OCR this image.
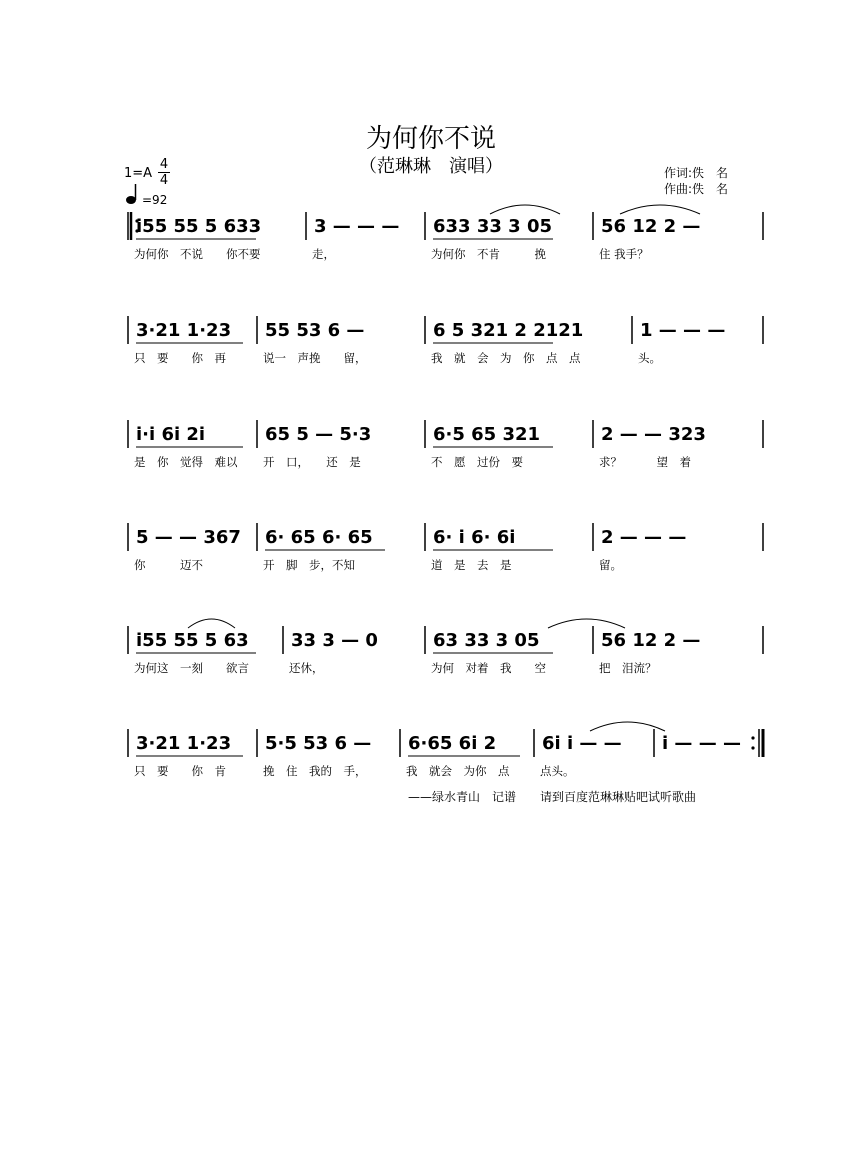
为何你不说
（范琳琳　演唱）
1=A
4
4
=92
作词:佚　名
作曲:佚　名
i55 55 5 633
为何你　不说　　你不要
3 — — —
走，
633 33 3 05
为何你　不肯　　　挽
56 12 2 —
住 我手？
3·21 1·23
只　要　　你　再
55 53 6 —
说一　声挽　　留，
6 5 321 2 2121
我　就　会　为　你　点　点
1 — — —
头。
i·i 6i 2i
是　你　觉得　难以
65 5 — 5·3
开　口，　　还　是
6·5 65 321
不　愿　过份　要
2 — — 323
求？　　　望　着
5 — — 367
你　　　迈不
6· 65 6· 65
开　脚　步，不知
6· i 6· 6i
道　是　去　是
2 — — —
留。
i55 55 5 63
为何这　一刻　　欲言
33 3 — 0
还休，
63 33 3 05
为何　对着　我　　空
56 12 2 —
把　泪流？
3·21 1·23
只　要　　你　肯
5·5 53 6 —
挽　住　我的　手，
6·65 6i 2
我　就会　为你　点
6i i — —
点头。
i — — —
——绿水青山　记谱　　请到百度范琳琳贴吧试听歌曲
